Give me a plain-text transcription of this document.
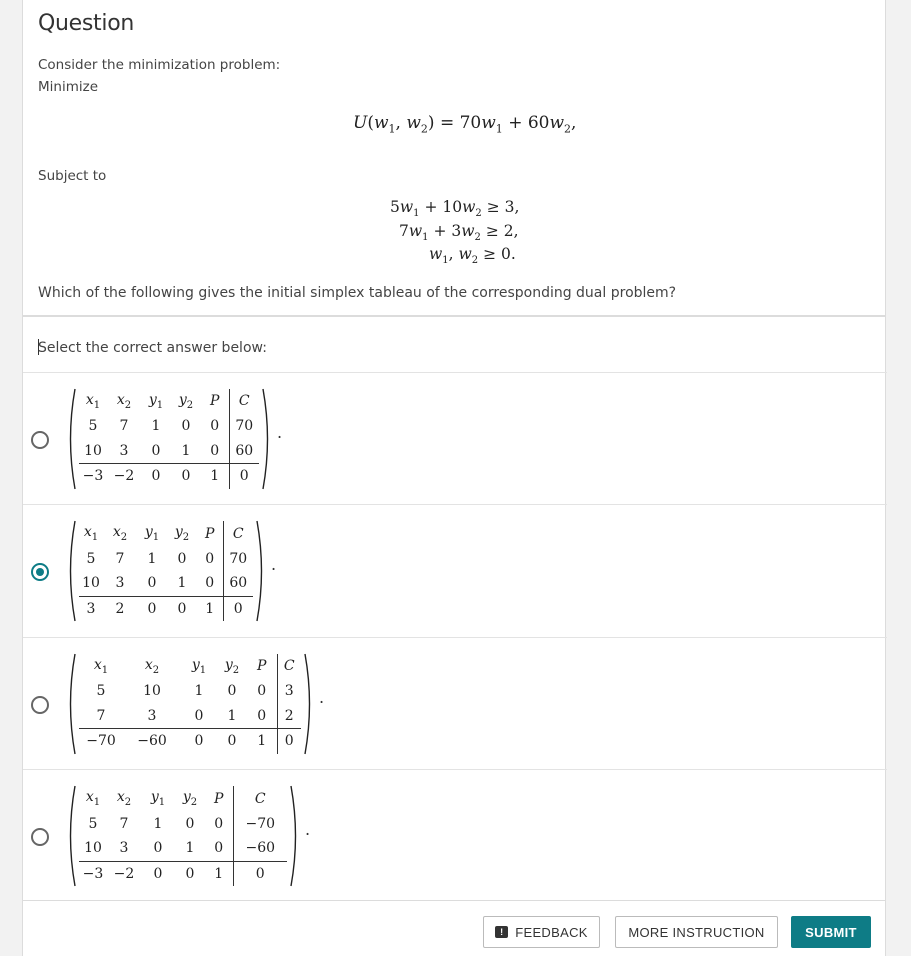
Question
Consider the minimization problem:
Minimize
$U(w_1$, $w_2) = 70w_1 + 60w_2$,
Subject to
$5w_1 + 10w_2 \ge 3$,
$7w_1 + 3w_2 \ge 2$,
$w_1$, $w_2 \ge 0$.
Which of the following gives the initial simplex tableau of the corresponding dual problem?
Select the correct answer below:
$x_1$	$x_2$	$y_1$	$y_2$	P	C
5	7	1	0	0	70
10	3	0	1	0	60
−3	−2	0	0	1	0
.
$x_1$	$x_2$	$y_1$	$y_2$	P	C
5	7	1	0	0	70
10	3	0	1	0	60
3	2	0	0	1	0
.
$x_1$	$x_2$	$y_1$	$y_2$	P	C
5	10	1	0	0	3
7	3	0	1	0	2
−70	−60	0	0	1	0
.
$x_1$	$x_2$	$y_1$	$y_2$	P	C
5	7	1	0	0	−70
10	3	0	1	0	−60
−3	−2	0	0	1	0
.
! FEEDBACK	MORE INSTRUCTION	SUBMIT
